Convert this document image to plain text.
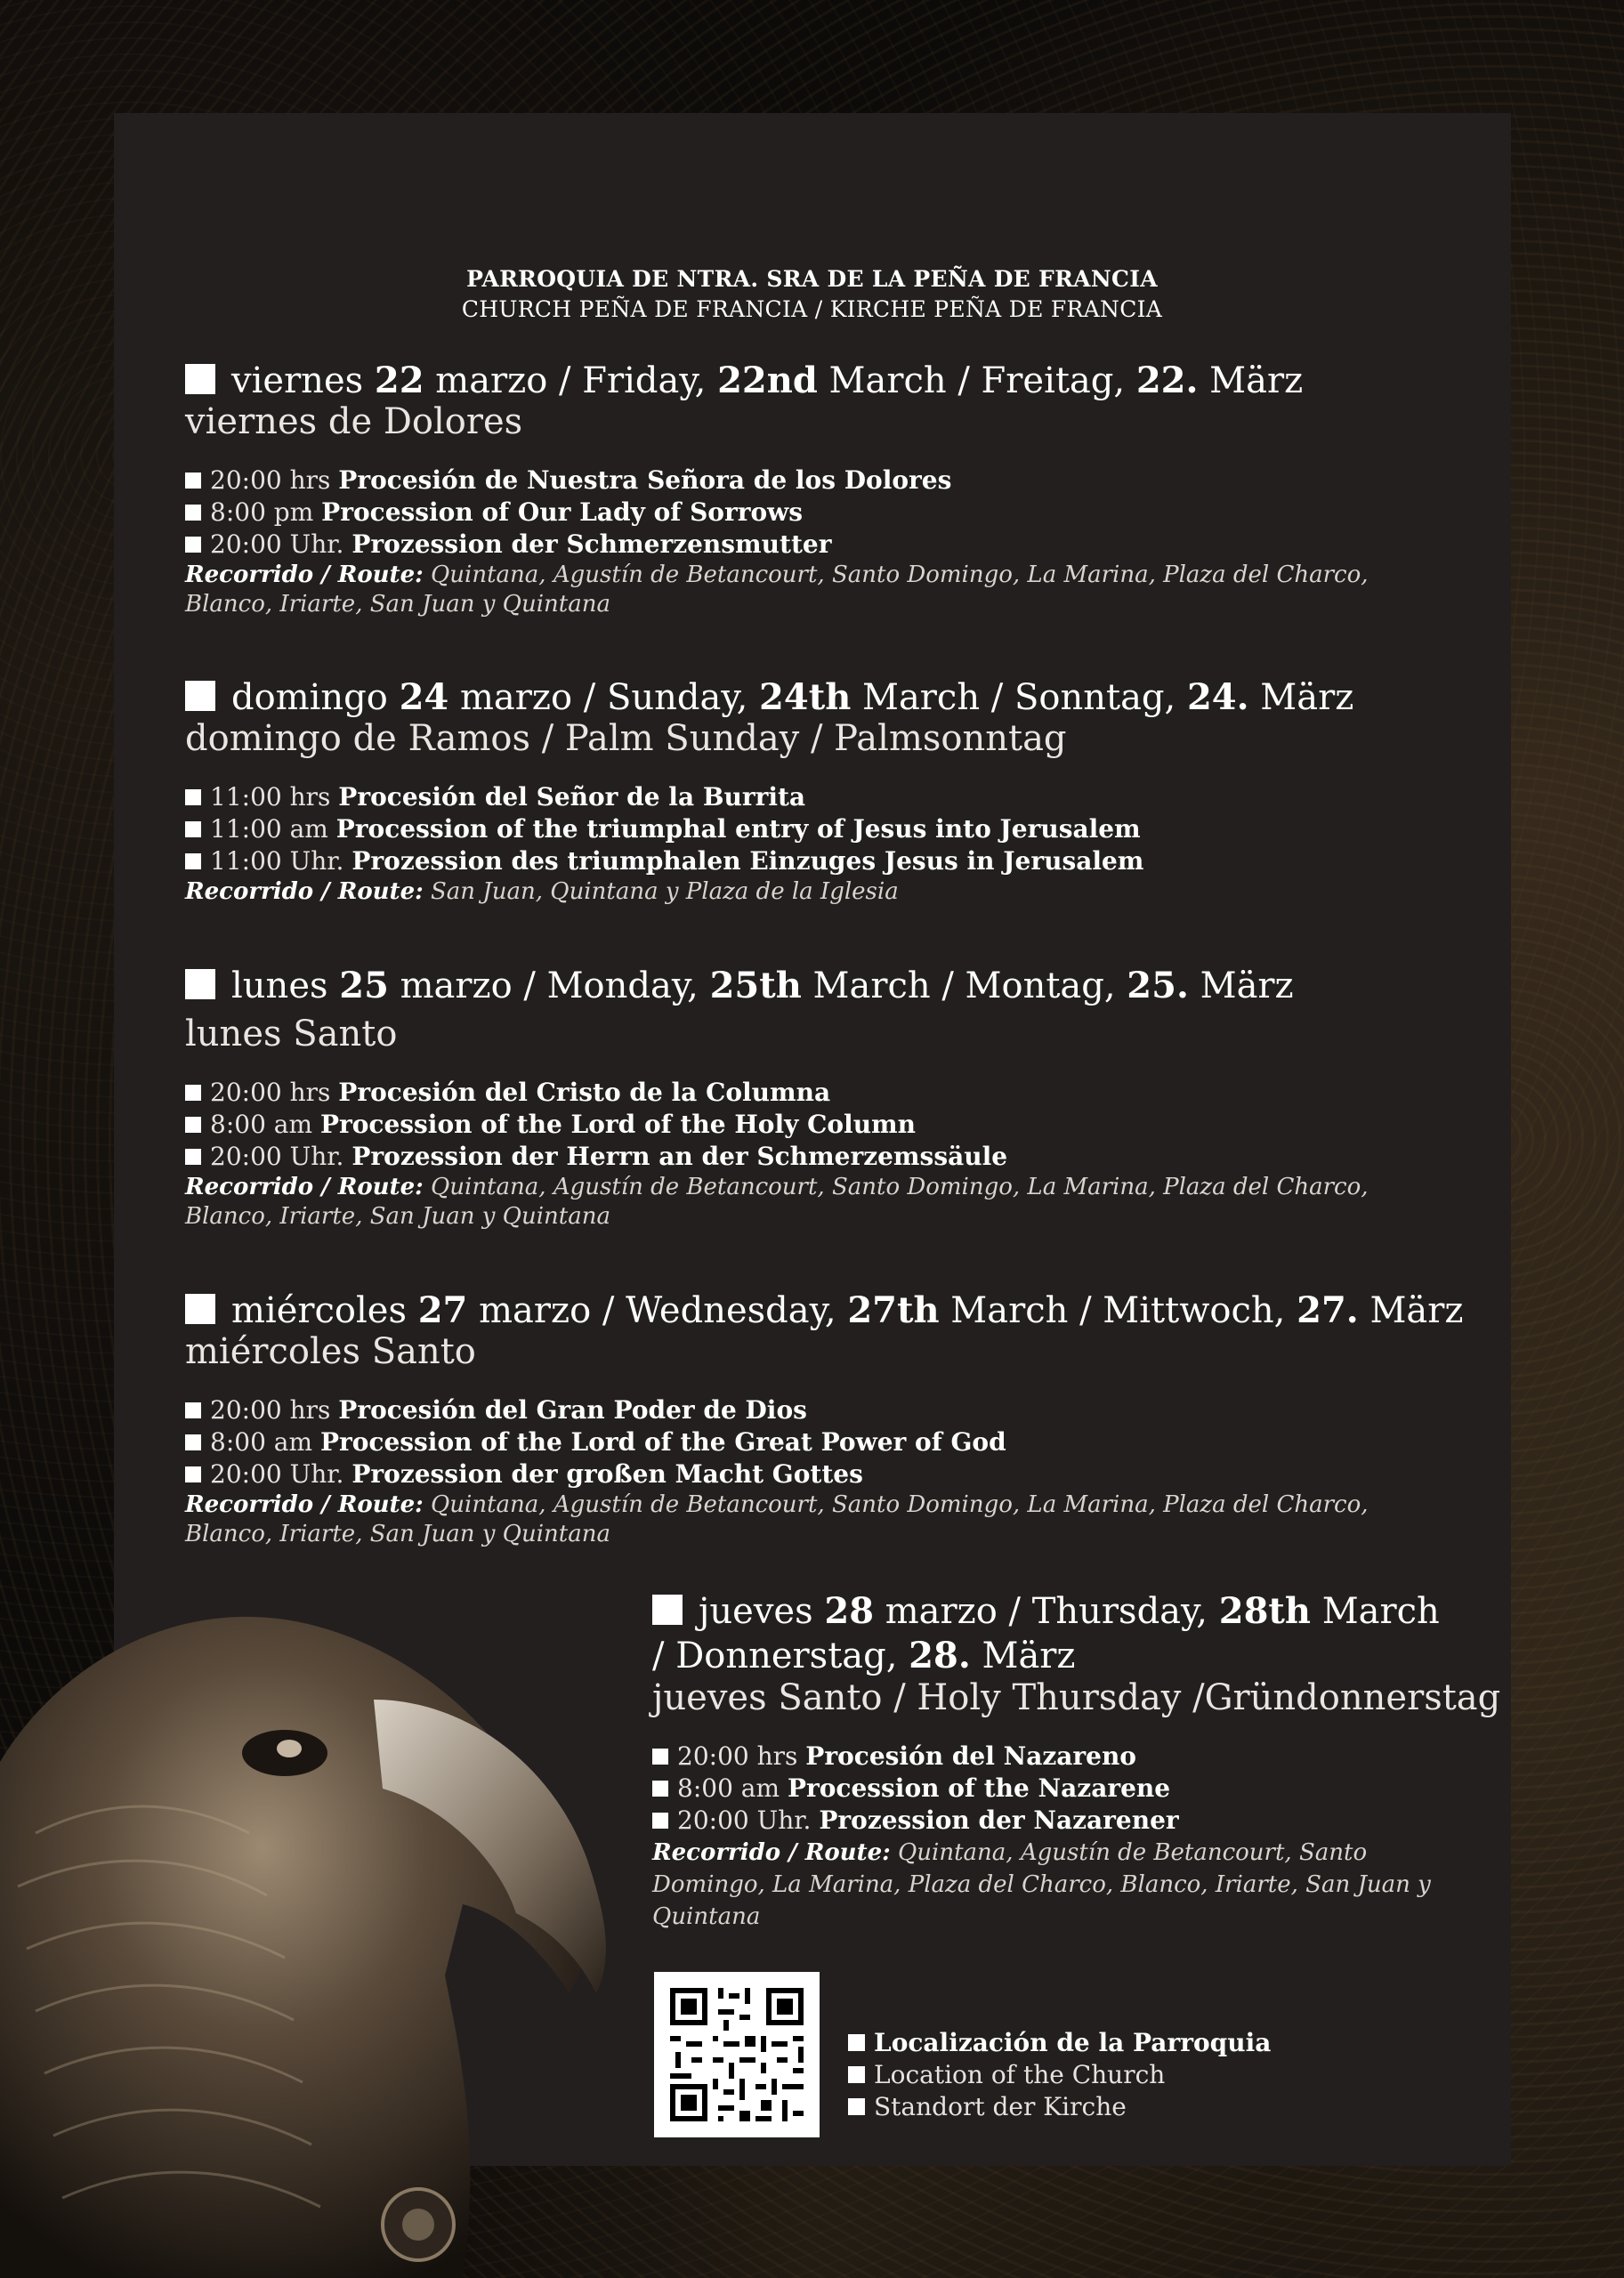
PARROQUIA DE NTRA. SRA DE LA PEÑA DE FRANCIA
CHURCH PEÑA DE FRANCIA / KIRCHE PEÑA DE FRANCIA
viernes 22 marzo / Friday, 22nd March / Freitag, 22. März
viernes de Dolores
20:00 hrs Procesión de Nuestra Señora de los Dolores
8:00 pm Procession of Our Lady of Sorrows
20:00 Uhr. Prozession der Schmerzensmutter
Recorrido / Route: Quintana, Agustín de Betancourt, Santo Domingo, La Marina, Plaza del Charco, Blanco, Iriarte, San Juan y Quintana
domingo 24 marzo / Sunday, 24th March / Sonntag, 24. März
domingo de Ramos / Palm Sunday / Palmsonntag
11:00 hrs Procesión del Señor de la Burrita
11:00 am Procession of the triumphal entry of Jesus into Jerusalem
11:00 Uhr. Prozession des triumphalen Einzuges Jesus in Jerusalem
Recorrido / Route: San Juan, Quintana y Plaza de la Iglesia
lunes 25 marzo / Monday, 25th March / Montag, 25. März
lunes Santo
20:00 hrs Procesión del Cristo de la Columna
8:00 am Procession of the Lord of the Holy Column
20:00 Uhr. Prozession der Herrn an der Schmerzemssäule
Recorrido / Route: Quintana, Agustín de Betancourt, Santo Domingo, La Marina, Plaza del Charco, Blanco, Iriarte, San Juan y Quintana
miércoles 27 marzo / Wednesday, 27th March / Mittwoch, 27. März
miércoles Santo
20:00 hrs Procesión del Gran Poder de Dios
8:00 am Procession of the Lord of the Great Power of God
20:00 Uhr. Prozession der großen Macht Gottes
Recorrido / Route: Quintana, Agustín de Betancourt, Santo Domingo, La Marina, Plaza del Charco, Blanco, Iriarte, San Juan y Quintana
jueves 28 marzo / Thursday, 28th March / Donnerstag, 28. März
jueves Santo / Holy Thursday /Gründonnerstag
20:00 hrs Procesión del Nazareno
8:00 am Procession of the Nazarene
20:00 Uhr. Prozession der Nazarener
Recorrido / Route: Quintana, Agustín de Betancourt, Santo Domingo, La Marina, Plaza del Charco, Blanco, Iriarte, San Juan y Quintana
Localización de la Parroquia
Location of the Church
Standort der Kirche
